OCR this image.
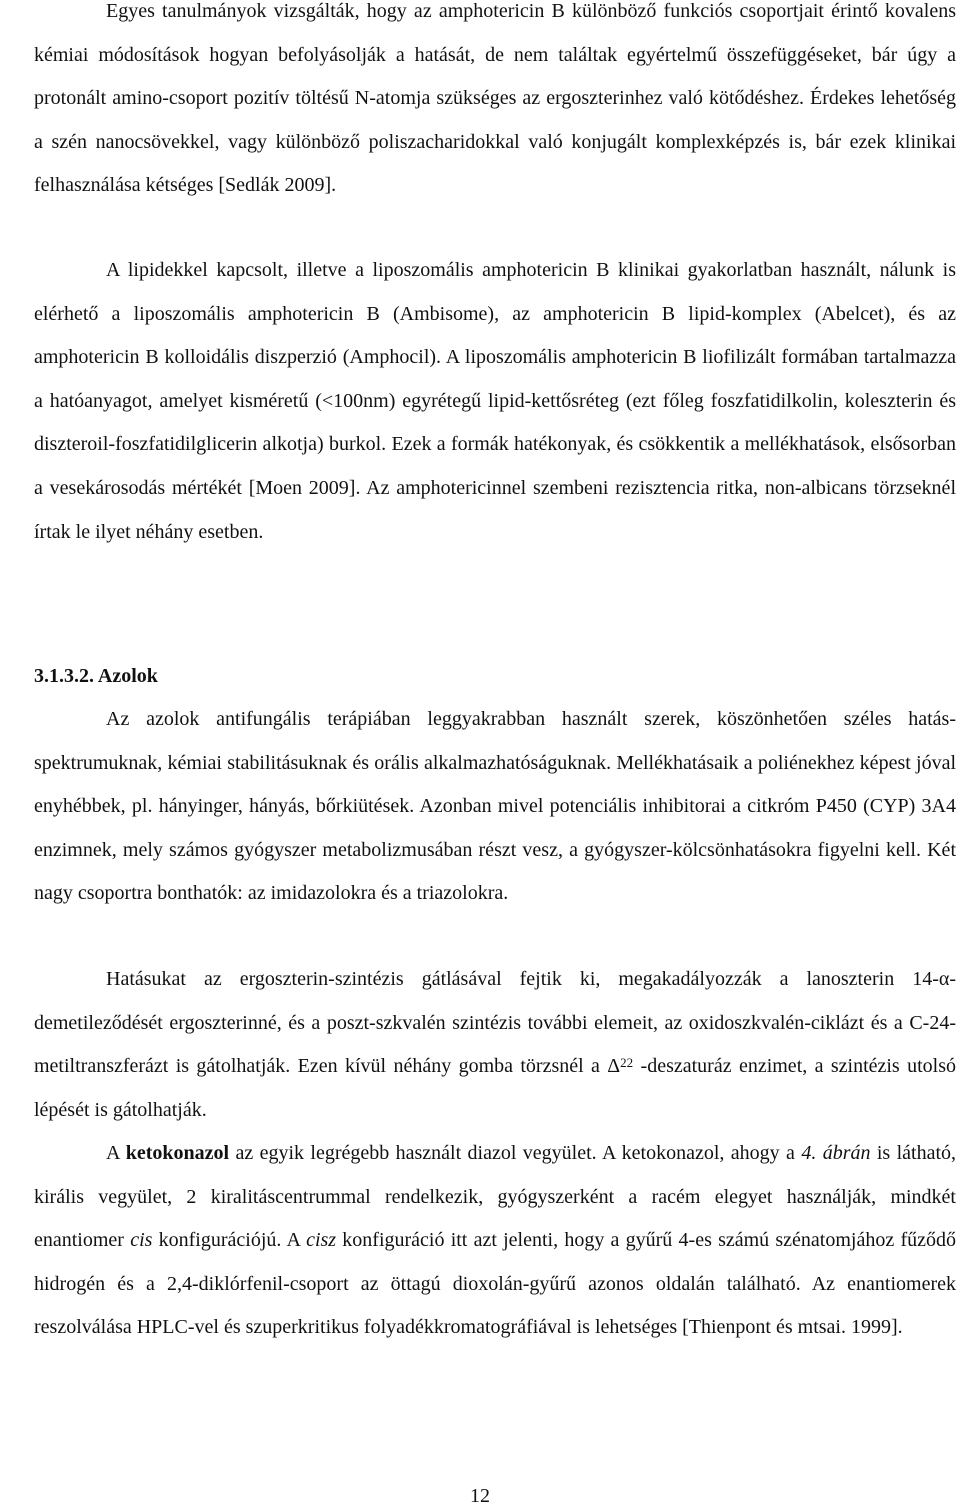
Egyes tanulmányok vizsgálták, hogy az amphotericin B különböző funkciós csoportjait érintő kovalens kémiai módosítások hogyan befolyásolják a hatását, de nem találtak egyértelmű összefüggéseket, bár úgy a protonált amino-csoport pozitív töltésű N-atomja szükséges az ergoszterinhez való kötődéshez. Érdekes lehetőség a szén nanocsövekkel, vagy különböző poliszacharidokkal való konjugált komplexképzés is, bár ezek klinikai felhasználása kétséges [Sedlák 2009].

A lipidekkel kapcsolt, illetve a liposzomális amphotericin B klinikai gyakorlatban használt, nálunk is elérhető a liposzomális amphotericin B (Ambisome), az amphotericin B lipid-komplex (Abelcet), és az amphotericin B kolloidális diszperzió (Amphocil). A liposzomális amphotericin B liofilizált formában tartalmazza a hatóanyagot, amelyet kisméretű (<100nm) egyrétegű lipid-kettősréteg (ezt főleg foszfatidilkolin, koleszterin és diszteroil-foszfatidilglicerin alkotja) burkol. Ezek a formák hatékonyak, és csökkentik a mellékhatások, elsősorban a vesekárosodás mértékét [Moen 2009]. Az amphotericinnel szembeni rezisztencia ritka, non-albicans törzseknél írtak le ilyet néhány esetben.

3.1.3.2. Azolok

Az azolok antifungális terápiában leggyakrabban használt szerek, köszönhetően széles hatás-spektrumuknak, kémiai stabilitásuknak és orális alkalmazhatóságuknak. Mellékhatásaik a poliénekhez képest jóval enyhébbek, pl. hányinger, hányás, bőrkiütések. Azonban mivel potenciális inhibitorai a citkróm P450 (CYP) 3A4 enzimnek, mely számos gyógyszer metabolizmusában részt vesz, a gyógyszer-kölcsönhatásokra figyelni kell. Két nagy csoportra bonthatók: az imidazolokra és a triazolokra.

Hatásukat az ergoszterin-szintézis gátlásával fejtik ki, megakadályozzák a lanoszterin 14-α-demetileződését ergoszterinné, és a poszt-szkvalén szintézis további elemeit, az oxidoszkvalén-ciklázt és a C-24-metiltranszferázt is gátolhatják. Ezen kívül néhány gomba törzsnél a $\Delta^{22}$ -deszaturáz enzimet, a szintézis utolsó lépését is gátolhatják.

A ketokonazol az egyik legrégebb használt diazol vegyület. A ketokonazol, ahogy a 4. ábrán is látható, királis vegyület, 2 kiralitáscentrummal rendelkezik, gyógyszerként a racém elegyet használják, mindkét enantiomer cis konfigurációjú. A cisz konfiguráció itt azt jelenti, hogy a gyűrű 4-es számú szénatomjához fűződő hidrogén és a 2,4-diklórfenil-csoport az öttagú dioxolán-gyűrű azonos oldalán található. Az enantiomerek reszolválása HPLC-vel és szuperkritikus folyadékkromatográfiával is lehetséges [Thienpont és mtsai. 1999].

12
